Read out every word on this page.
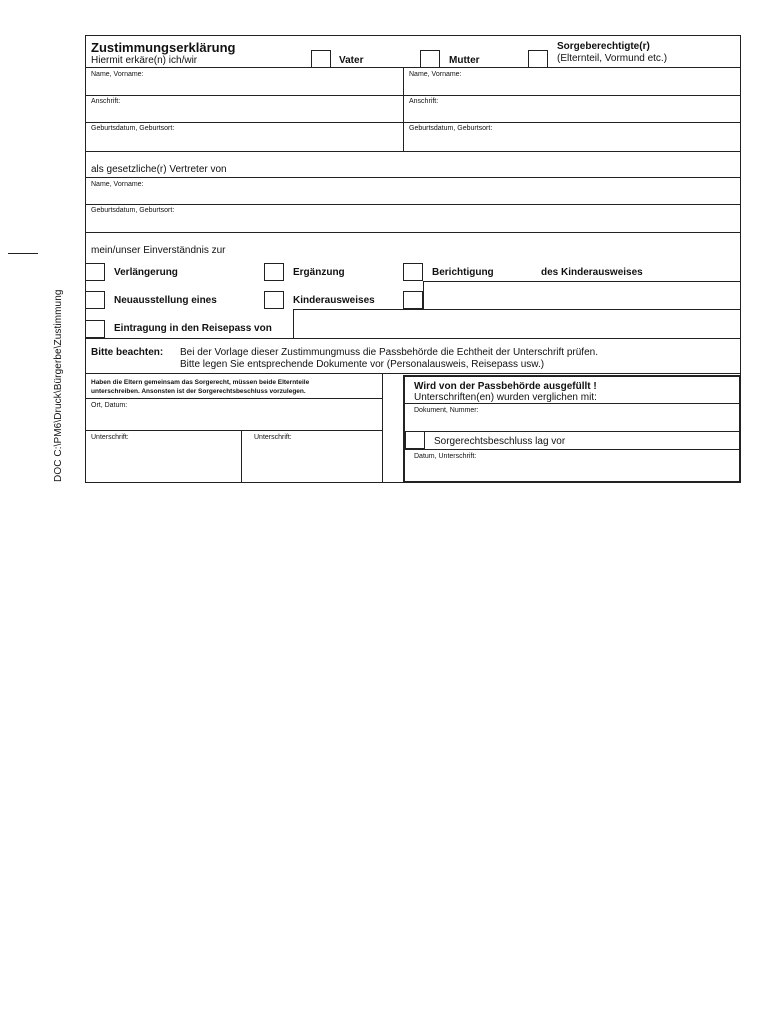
DOC C:\PM6\Druck\Bürgerbe\Zustimmung
Zustimmungserklärung
Hiermit erkäre(n) ich/wir	Vater	Mutter
Sorgeberechtigte(r)
(Elternteil, Vormund etc.)
Name, Vorname:	Name, Vorname:
Anschrift:	Anschrift:
Geburtsdatum, Geburtsort:	Geburtsdatum, Geburtsort:
als gesetzliche(r) Vertreter von
Name, Vorname:
Geburtsdatum, Geburtsort:
mein/unser Einverständnis zur
Verlängerung	Ergänzung	Berichtigung	des Kinderausweises
Neuausstellung eines	Kinderausweises
Eintragung in den Reisepass von
Bitte beachten: Bei der Vorlage dieser Zustimmungmuss die Passbehörde die Echtheit der Unterschrift prüfen.
Bitte legen Sie entsprechende Dokumente vor (Personalausweis, Reisepass usw.)
Haben die Eltern gemeinsam das Sorgerecht, müssen beide Elternteile
unterschreiben. Ansonsten ist der Sorgerechtsbeschluss vorzulegen.
Ort, Datum:
Unterschrift:	Unterschrift:
Wird von der Passbehörde ausgefüllt !
Unterschriften(en) wurden verglichen mit:
Dokument, Nummer:
Sorgerechtsbeschluss lag vor
Datum, Unterschrift:
